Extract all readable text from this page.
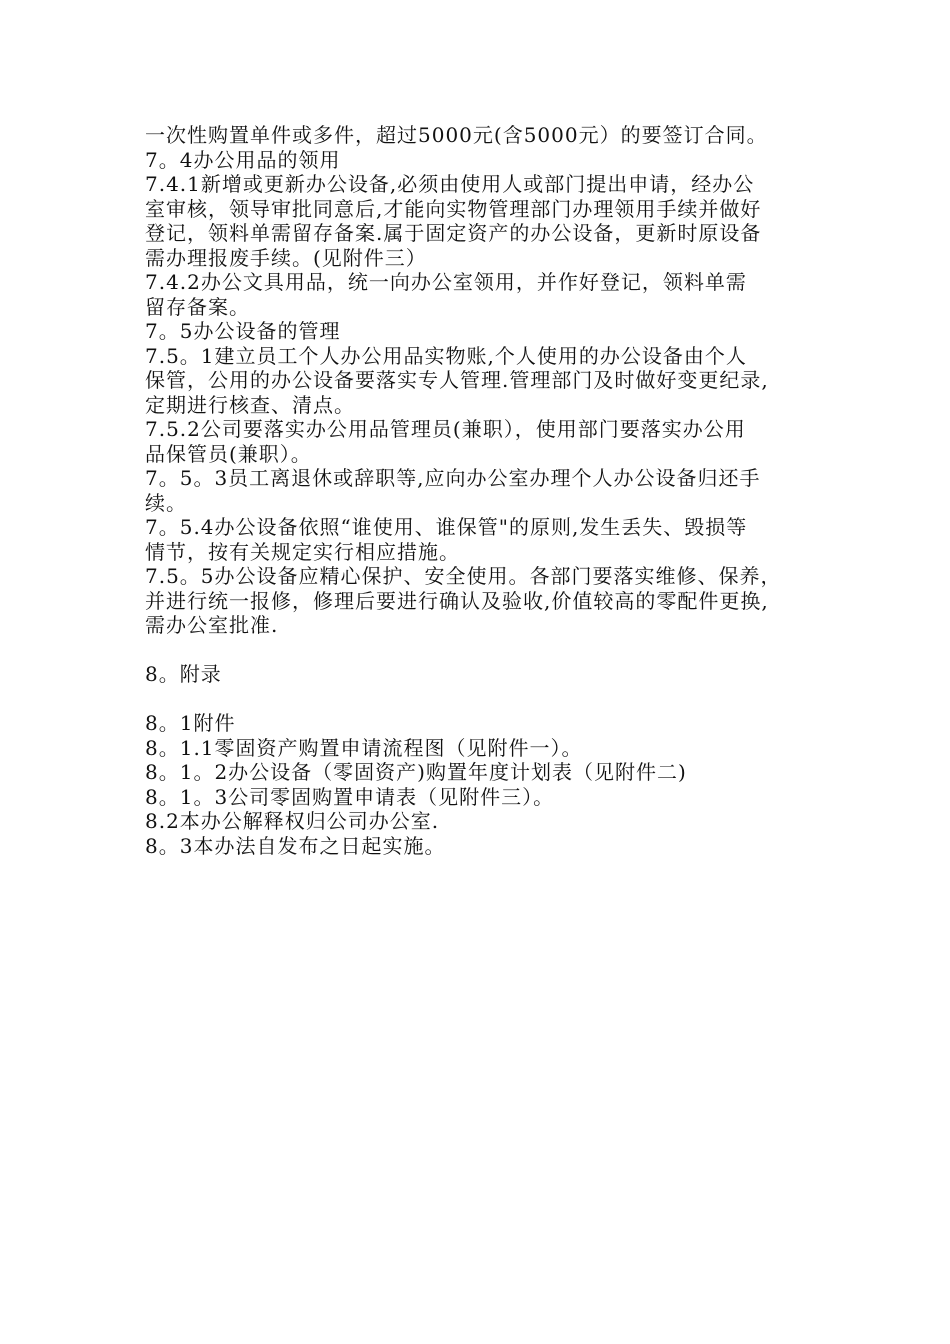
一次性购置单件或多件，超过5000元(含5000元）的要签订合同。
7。4办公用品的领用
7.4.1新增或更新办公设备,必须由使用人或部门提出申请，经办公
室审核，领导审批同意后,才能向实物管理部门办理领用手续并做好
登记，领料单需留存备案.属于固定资产的办公设备，更新时原设备
需办理报废手续。(见附件三）
7.4.2办公文具用品，统一向办公室领用，并作好登记，领料单需
留存备案。
7。5办公设备的管理
7.5。1建立员工个人办公用品实物账,个人使用的办公设备由个人
保管，公用的办公设备要落实专人管理.管理部门及时做好变更纪录,
定期进行核查、清点。
7.5.2公司要落实办公用品管理员(兼职），使用部门要落实办公用
品保管员(兼职）。
7。5。3员工离退休或辞职等,应向办公室办理个人办公设备归还手
续。
7。5.4办公设备依照“谁使用、谁保管"的原则,发生丢失、毁损等
情节，按有关规定实行相应措施。
7.5。5办公设备应精心保护、安全使用。各部门要落实维修、保养，
并进行统一报修，修理后要进行确认及验收,价值较高的零配件更换,
需办公室批准.
8。附录
8。1附件
8。1.1零固资产购置申请流程图（见附件一）。
8。1。2办公设备（零固资产)购置年度计划表（见附件二)
8。1。3公司零固购置申请表（见附件三）。
8.2本办公解释权归公司办公室.
8。3本办法自发布之日起实施。
